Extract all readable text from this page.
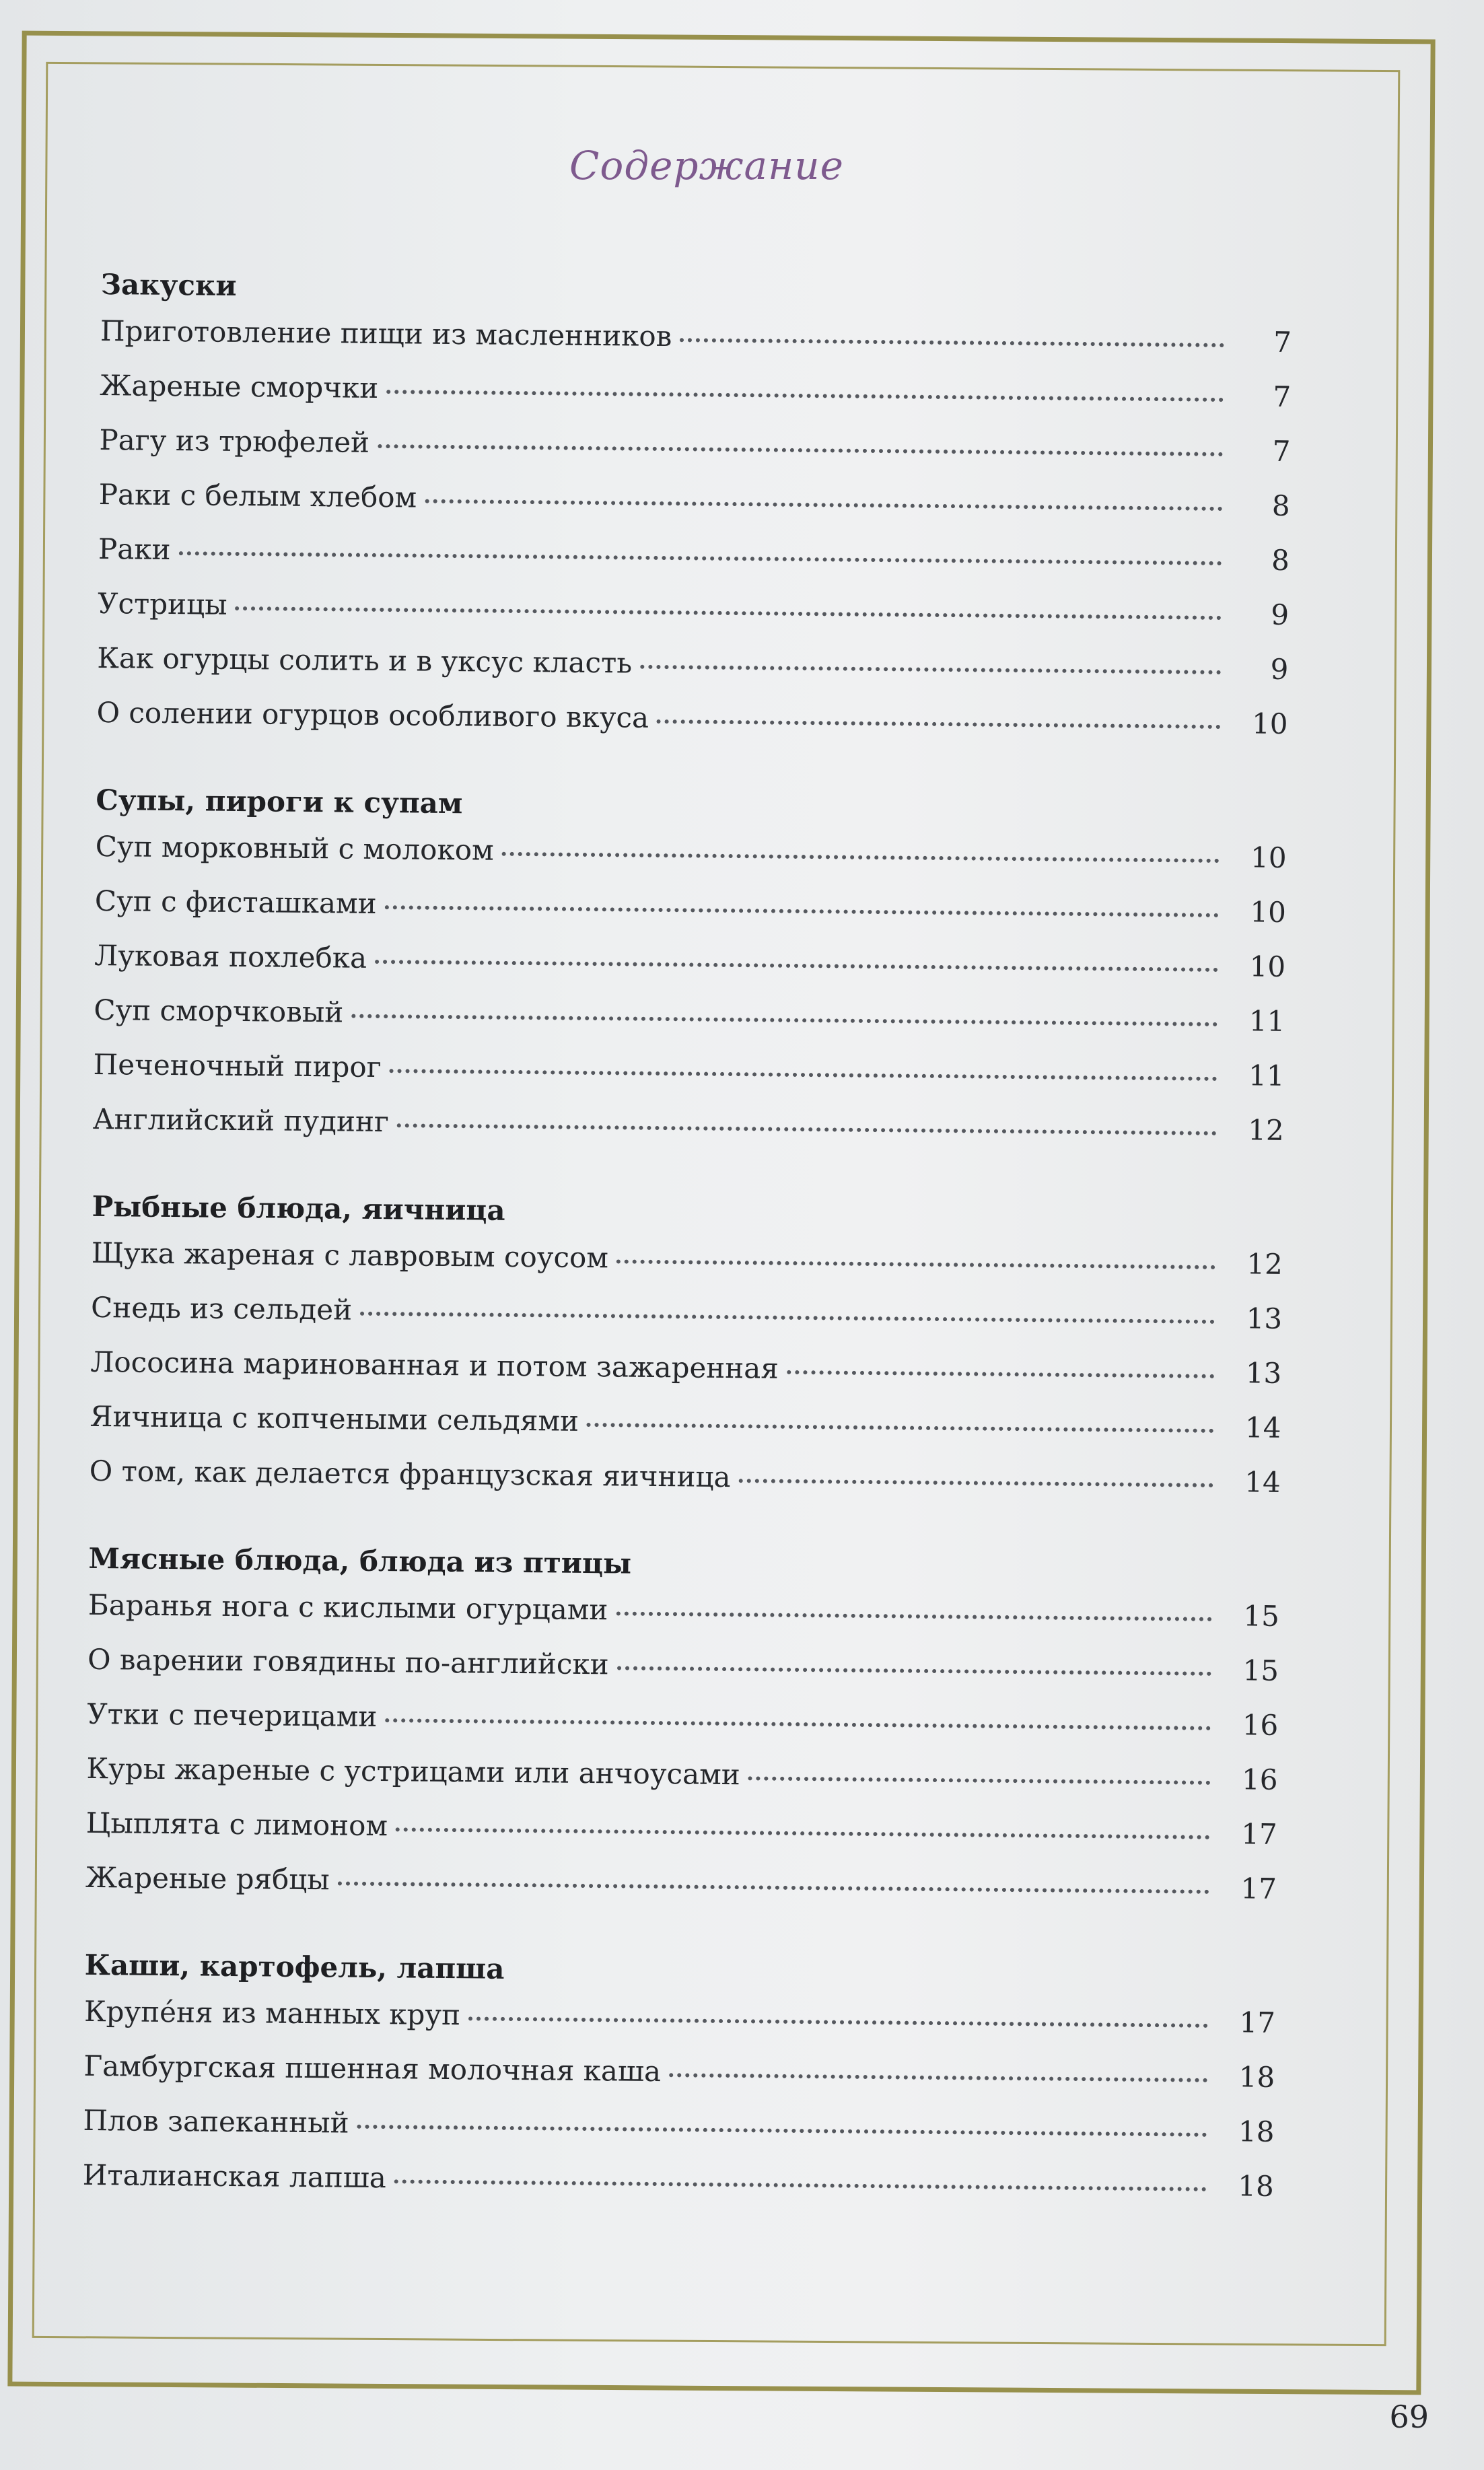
Содержание
Закуски
Приготовление пищи из масленников	7
Жареные сморчки	7
Рагу из трюфелей	7
Раки с белым хлебом	8
Раки	8
Устрицы	9
Как огурцы солить и в уксус класть	9
О солении огурцов особливого вкуса	10
Супы, пироги к супам
Суп морковный с молоком	10
Суп с фисташками	10
Луковая похлебка	10
Суп сморчковый	11
Печеночный пирог	11
Английский пудинг	12
Рыбные блюда, яичница
Щука жареная с лавровым соусом	12
Снедь из сельдей	13
Лососина маринованная и потом зажаренная	13
Яичница с копчеными сельдями	14
О том, как делается французская яичница	14
Мясные блюда, блюда из птицы
Баранья нога с кислыми огурцами	15
О варении говядины по-английски	15
Утки с печерицами	16
Куры жареные с устрицами или анчоусами	16
Цыплята с лимоном	17
Жареные рябцы	17
Каши, картофель, лапша
Крупéня из манных круп	17
Гамбургская пшенная молочная каша	18
Плов запеканный	18
Италианская лапша	18
69
